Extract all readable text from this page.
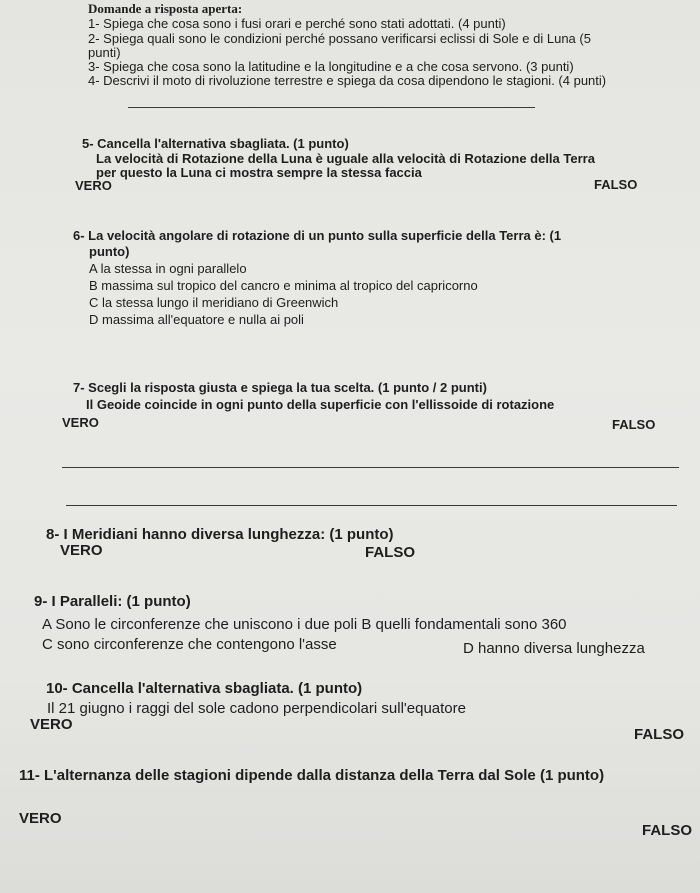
Domande a risposta aperta:
1- Spiega che cosa sono i fusi orari e perché sono stati adottati. (4 punti)
2- Spiega quali sono le condizioni perché possano verificarsi eclissi di Sole e di Luna (5
punti)
3- Spiega che cosa sono la latitudine e la longitudine e a che cosa servono. (3 punti)
4- Descrivi il moto di rivoluzione terrestre e spiega da cosa dipendono le stagioni. (4 punti)
5- Cancella l'alternativa sbagliata. (1 punto)
La velocità di Rotazione della Luna è uguale alla velocità di Rotazione della Terra
per questo la Luna ci mostra sempre la stessa faccia
VERO	FALSO
6- La velocità angolare di rotazione di un punto sulla superficie della Terra è: (1
punto)
A la stessa in ogni parallelo
B massima sul tropico del cancro e minima al tropico del capricorno
C la stessa lungo il meridiano di Greenwich
D massima all'equatore e nulla ai poli
7- Scegli la risposta giusta e spiega la tua scelta. (1 punto / 2 punti)
Il Geoide coincide in ogni punto della superficie con l'ellissoide di rotazione
VERO	FALSO
8- I Meridiani hanno diversa lunghezza: (1 punto)
VERO	FALSO
9- I Paralleli: (1 punto)
A Sono le circonferenze che uniscono i due poli B quelli fondamentali sono 360
C sono circonferenze che contengono l'asse	D hanno diversa lunghezza
10- Cancella l'alternativa sbagliata. (1 punto)
Il 21 giugno i raggi del sole cadono perpendicolari sull'equatore
VERO
FALSO
11- L'alternanza delle stagioni dipende dalla distanza della Terra dal Sole (1 punto)
VERO
FALSO
